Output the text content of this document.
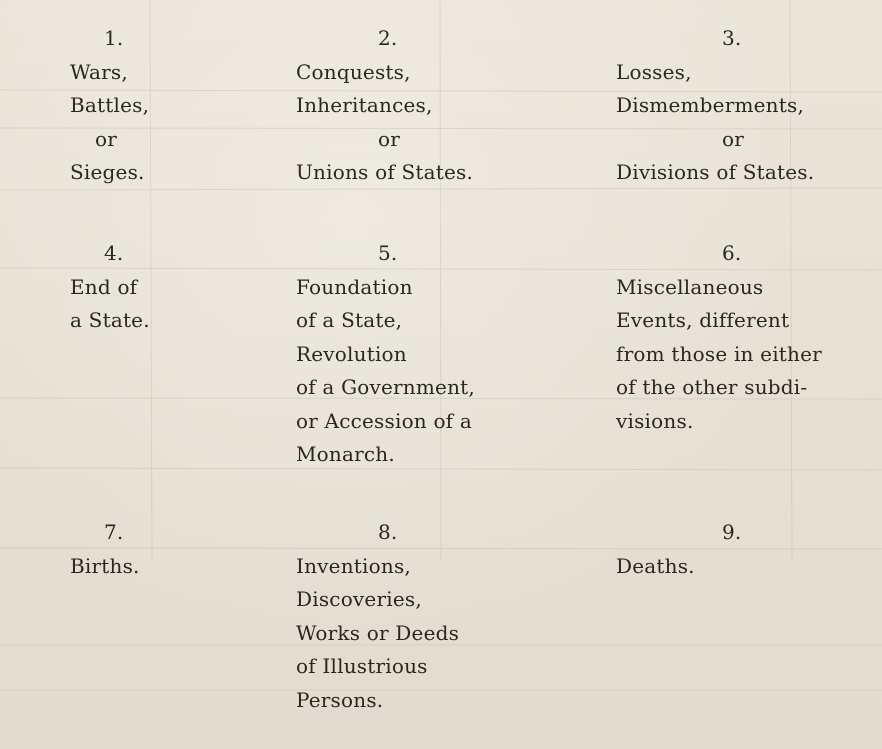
1.
Wars,
Battles,
or
Sieges.
2.
Conquests,
Inheritances,
or
Unions of States.
3.
Losses,
Dismemberments,
or
Divisions of States.
4.
End of
a State.
5.
Foundation
of a State,
Revolution
of a Government,
or Accession of a
Monarch.
6.
Miscellaneous
Events, different
from those in either
of the other subdi-
visions.
7.
Births.
8.
Inventions,
Discoveries,
Works or Deeds
of Illustrious
Persons.
9.
Deaths.
